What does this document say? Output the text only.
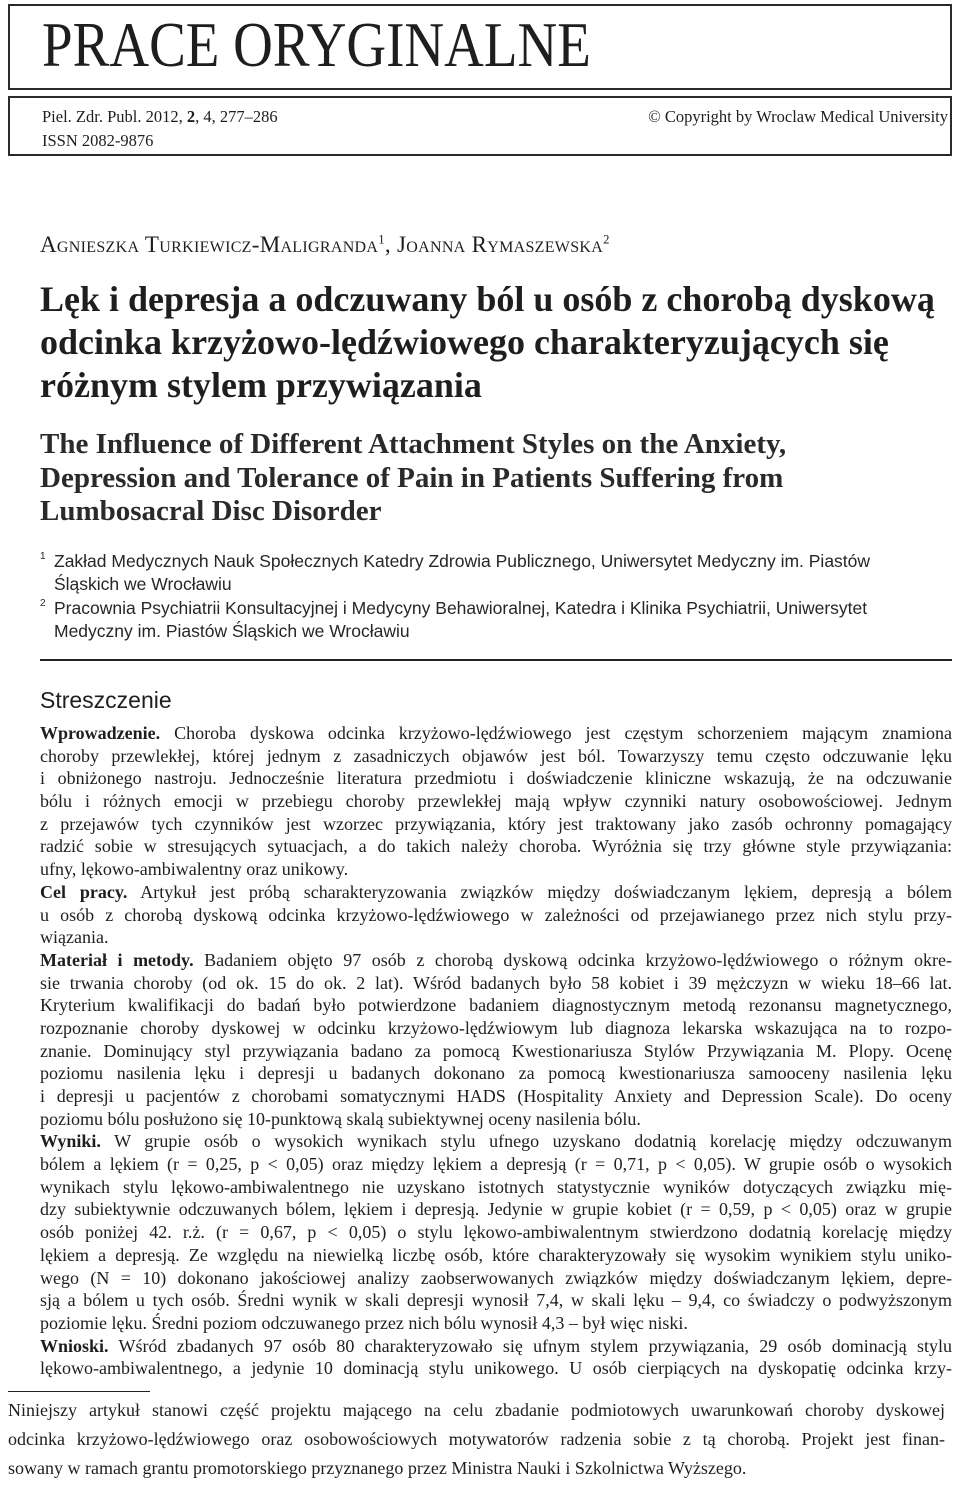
PRACE ORYGINALNE
Piel. Zdr. Publ. 2012, 2, 4, 277–286
ISSN 2082-9876
© Copyright by Wroclaw Medical University
Agnieszka Turkiewicz-Maligranda$^1$, Joanna Rymaszewska$^2$
Lęk i depresja a odczuwany ból u osób z chorobą dyskową
odcinka krzyżowo-lędźwiowego charakteryzujących się
różnym stylem przywiązania
The Influence of Different Attachment Styles on the Anxiety,
Depression and Tolerance of Pain in Patients Suffering from
Lumbosacral Disc Disorder
1 Zakład Medycznych Nauk Społecznych Katedry Zdrowia Publicznego, Uniwersytet Medyczny im. Piastów
Śląskich we Wrocławiu
2 Pracownia Psychiatrii Konsultacyjnej i Medycyny Behawioralnej, Katedra i Klinika Psychiatrii, Uniwersytet
Medyczny im. Piastów Śląskich we Wrocławiu
Streszczenie
Wprowadzenie. Choroba dyskowa odcinka krzyżowo-lędźwiowego jest częstym schorzeniem mającym znamiona
choroby przewlekłej, której jednym z zasadniczych objawów jest ból. Towarzyszy temu często odczuwanie lęku
i obniżonego nastroju. Jednocześnie literatura przedmiotu i doświadczenie kliniczne wskazują, że na odczuwanie
bólu i różnych emocji w przebiegu choroby przewlekłej mają wpływ czynniki natury osobowościowej. Jednym
z przejawów tych czynników jest wzorzec przywiązania, który jest traktowany jako zasób ochronny pomagający
radzić sobie w stresujących sytuacjach, a do takich należy choroba. Wyróżnia się trzy główne style przywiązania:
ufny, lękowo-ambiwalentny oraz unikowy.
Cel pracy. Artykuł jest próbą scharakteryzowania związków między doświadczanym lękiem, depresją a bólem
u osób z chorobą dyskową odcinka krzyżowo-lędźwiowego w zależności od przejawianego przez nich stylu przy-
wiązania.
Materiał i metody. Badaniem objęto 97 osób z chorobą dyskową odcinka krzyżowo-lędźwiowego o różnym okre-
sie trwania choroby (od ok. 15 do ok. 2 lat). Wśród badanych było 58 kobiet i 39 mężczyzn w wieku 18–66 lat.
Kryterium kwalifikacji do badań było potwierdzone badaniem diagnostycznym metodą rezonansu magnetycznego,
rozpoznanie choroby dyskowej w odcinku krzyżowo-lędźwiowym lub diagnoza lekarska wskazująca na to rozpo-
znanie. Dominujący styl przywiązania badano za pomocą Kwestionariusza Stylów Przywiązania M. Plopy. Ocenę
poziomu nasilenia lęku i depresji u badanych dokonano za pomocą kwestionariusza samooceny nasilenia lęku
i depresji u pacjentów z chorobami somatycznymi HADS (Hospitality Anxiety and Depression Scale). Do oceny
poziomu bólu posłużono się 10-punktową skalą subiektywnej oceny nasilenia bólu.
Wyniki. W grupie osób o wysokich wynikach stylu ufnego uzyskano dodatnią korelację między odczuwanym
bólem a lękiem (r = 0,25, p < 0,05) oraz między lękiem a depresją (r = 0,71, p < 0,05). W grupie osób o wysokich
wynikach stylu lękowo-ambiwalentnego nie uzyskano istotnych statystycznie wyników dotyczących związku mię-
dzy subiektywnie odczuwanych bólem, lękiem i depresją. Jedynie w grupie kobiet (r = 0,59, p < 0,05) oraz w grupie
osób poniżej 42. r.ż. (r = 0,67, p < 0,05) o stylu lękowo-ambiwalentnym stwierdzono dodatnią korelację między
lękiem a depresją. Ze względu na niewielką liczbę osób, które charakteryzowały się wysokim wynikiem stylu uniko-
wego (N = 10) dokonano jakościowej analizy zaobserwowanych związków między doświadczanym lękiem, depre-
sją a bólem u tych osób. Średni wynik w skali depresji wynosił 7,4, w skali lęku – 9,4, co świadczy o podwyższonym
poziomie lęku. Średni poziom odczuwanego przez nich bólu wynosił 4,3 – był więc niski.
Wnioski. Wśród zbadanych 97 osób 80 charakteryzowało się ufnym stylem przywiązania, 29 osób dominacją stylu
lękowo-ambiwalentnego, a jedynie 10 dominacją stylu unikowego. U osób cierpiących na dyskopatię odcinka krzy-
Niniejszy artykuł stanowi część projektu mającego na celu zbadanie podmiotowych uwarunkowań choroby dyskowej
odcinka krzyżowo-lędźwiowego oraz osobowościowych motywatorów radzenia sobie z tą chorobą. Projekt jest finan-
sowany w ramach grantu promotorskiego przyznanego przez Ministra Nauki i Szkolnictwa Wyższego.
